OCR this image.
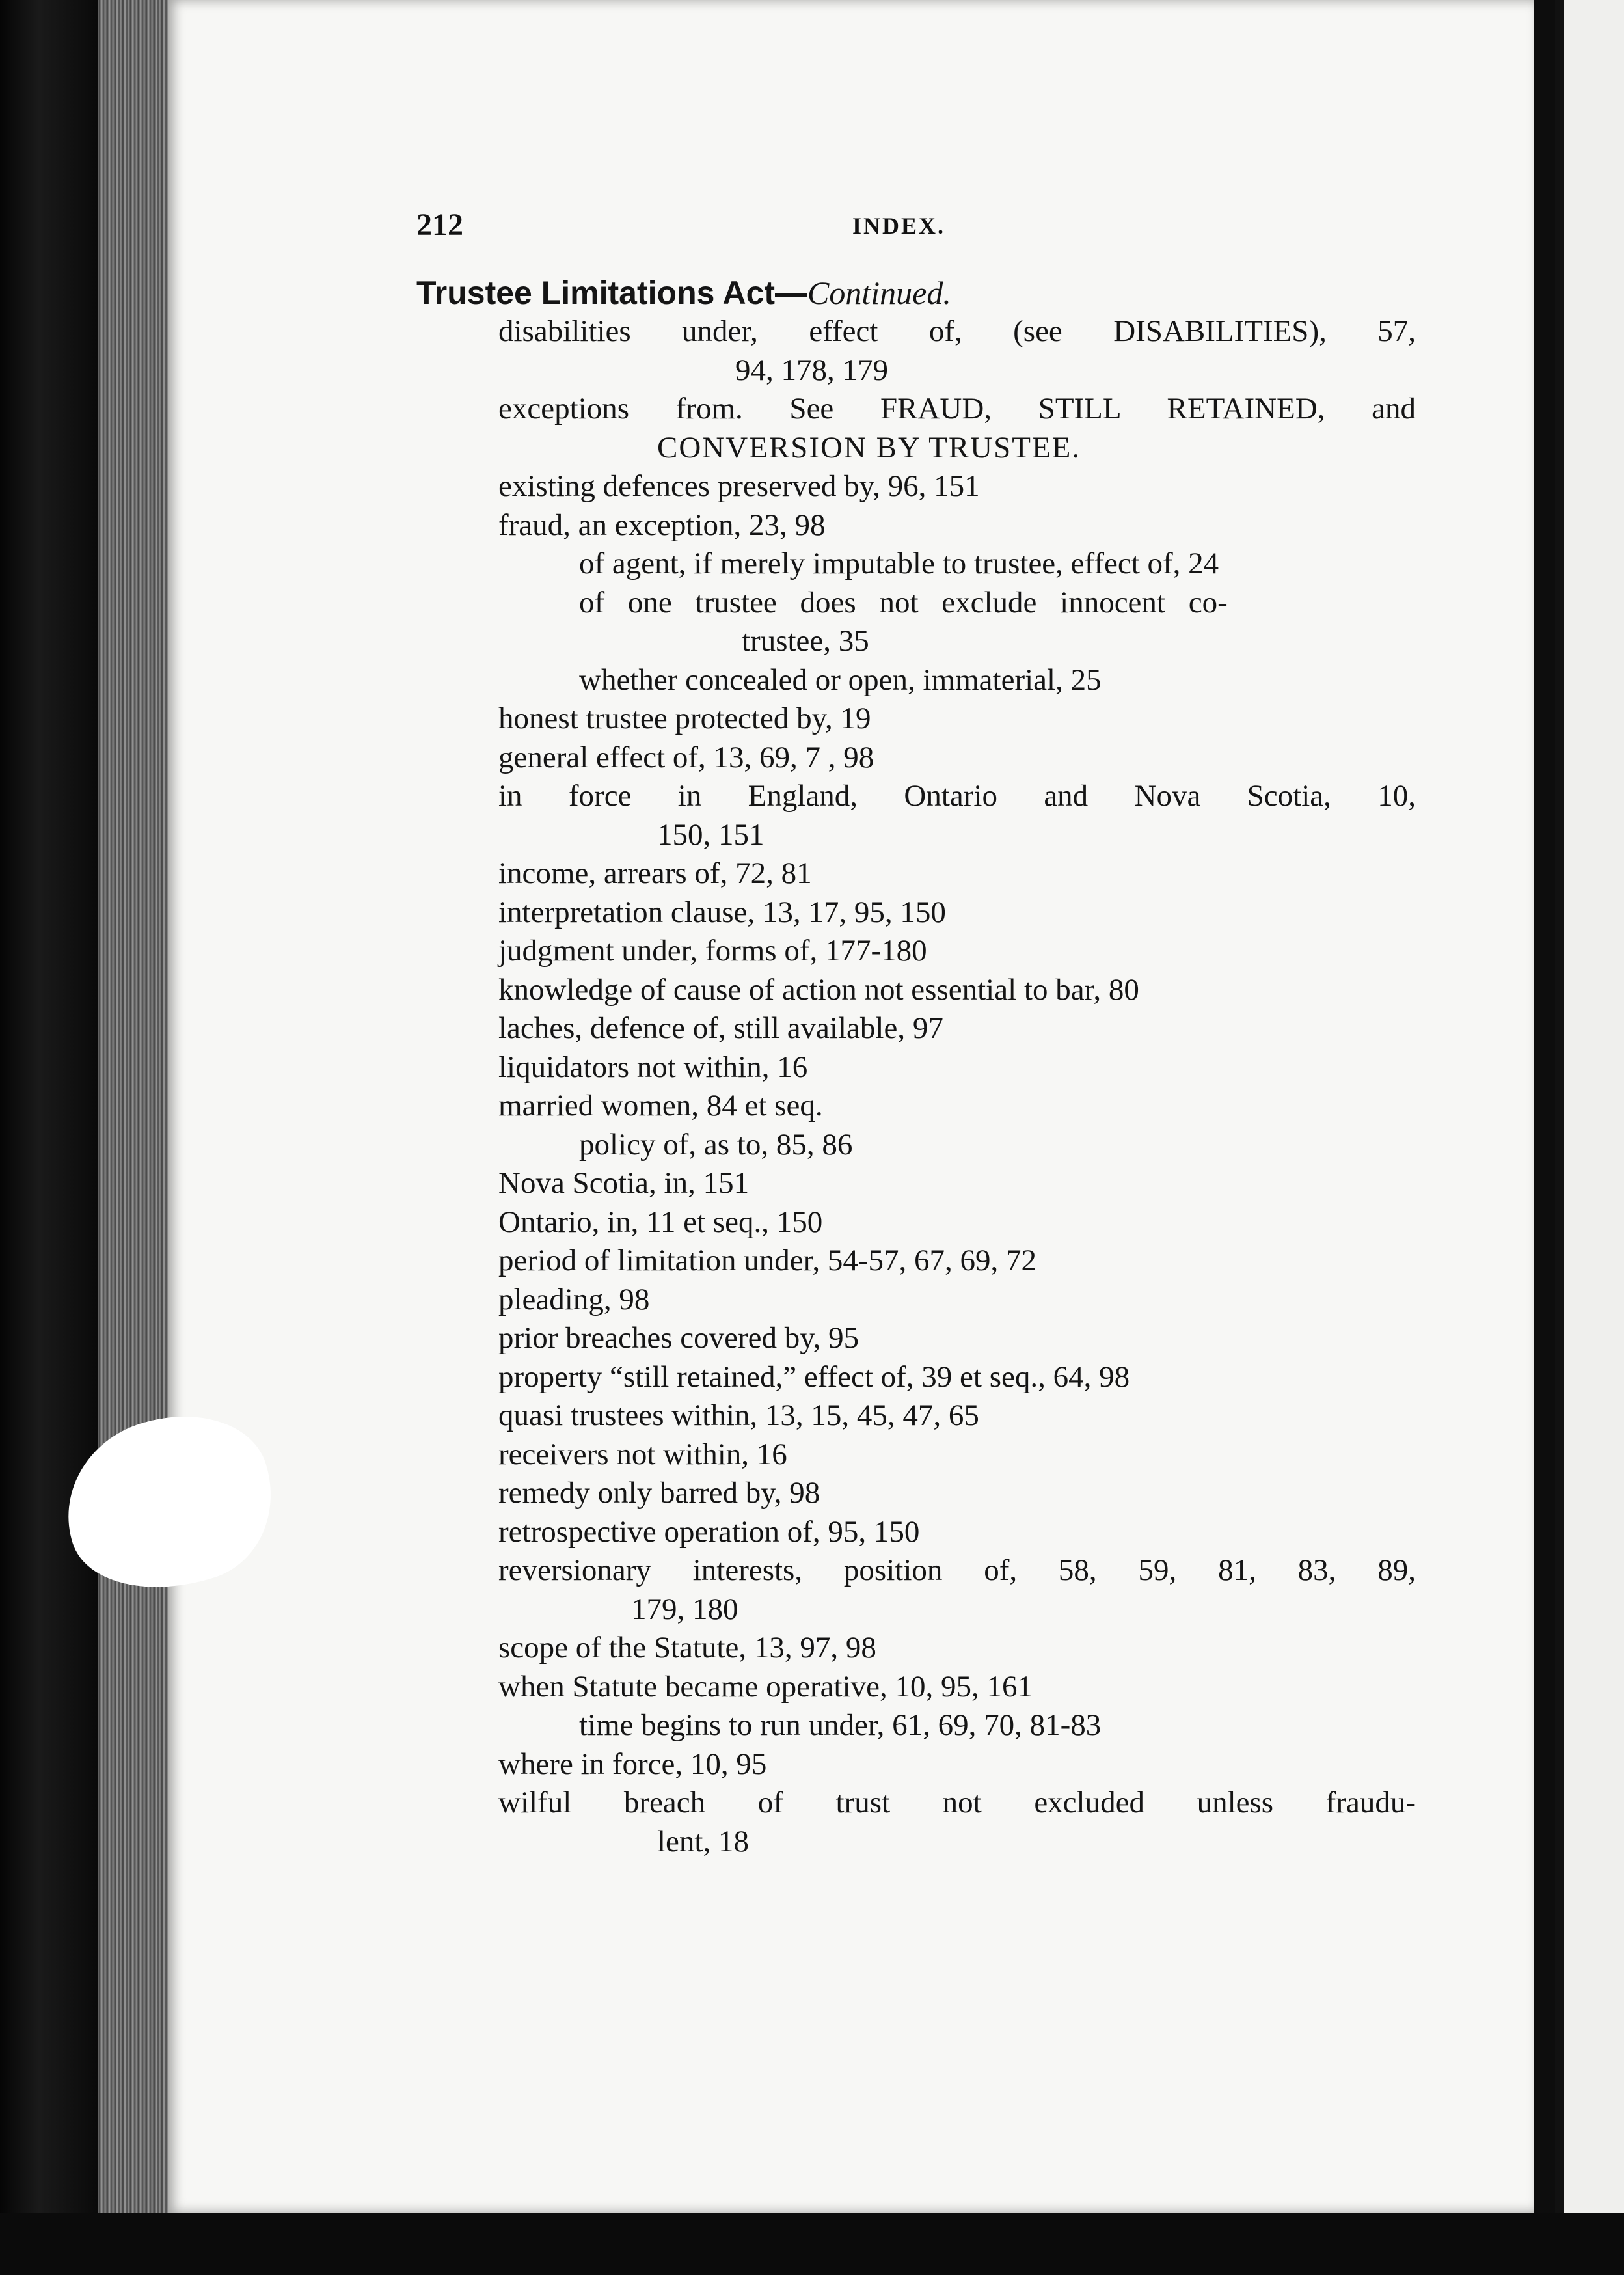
212	INDEX.
Trustee Limitations Act—Continued.
disabilities under, effect of, (see DISABILITIES), 57,
94, 178, 179
exceptions from. See FRAUD, STILL RETAINED, and
CONVERSION BY TRUSTEE.
existing defences preserved by, 96, 151
fraud, an exception, 23, 98
of agent, if merely imputable to trustee, effect of, 24
of one trustee does not exclude innocent co-
trustee, 35
whether concealed or open, immaterial, 25
honest trustee protected by, 19
general effect of, 13, 69, 7 , 98
in force in England, Ontario and Nova Scotia, 10,
150, 151
income, arrears of, 72, 81
interpretation clause, 13, 17, 95, 150
judgment under, forms of, 177-180
knowledge of cause of action not essential to bar, 80
laches, defence of, still available, 97
liquidators not within, 16
married women, 84 et seq.
policy of, as to, 85, 86
Nova Scotia, in, 151
Ontario, in, 11 et seq., 150
period of limitation under, 54-57, 67, 69, 72
pleading, 98
prior breaches covered by, 95
property “still retained,” effect of, 39 et seq., 64, 98
quasi trustees within, 13, 15, 45, 47, 65
receivers not within, 16
remedy only barred by, 98
retrospective operation of, 95, 150
reversionary interests, position of, 58, 59, 81, 83, 89,
179, 180
scope of the Statute, 13, 97, 98
when Statute became operative, 10, 95, 161
time begins to run under, 61, 69, 70, 81-83
where in force, 10, 95
wilful breach of trust not excluded unless fraudu-
lent, 18
